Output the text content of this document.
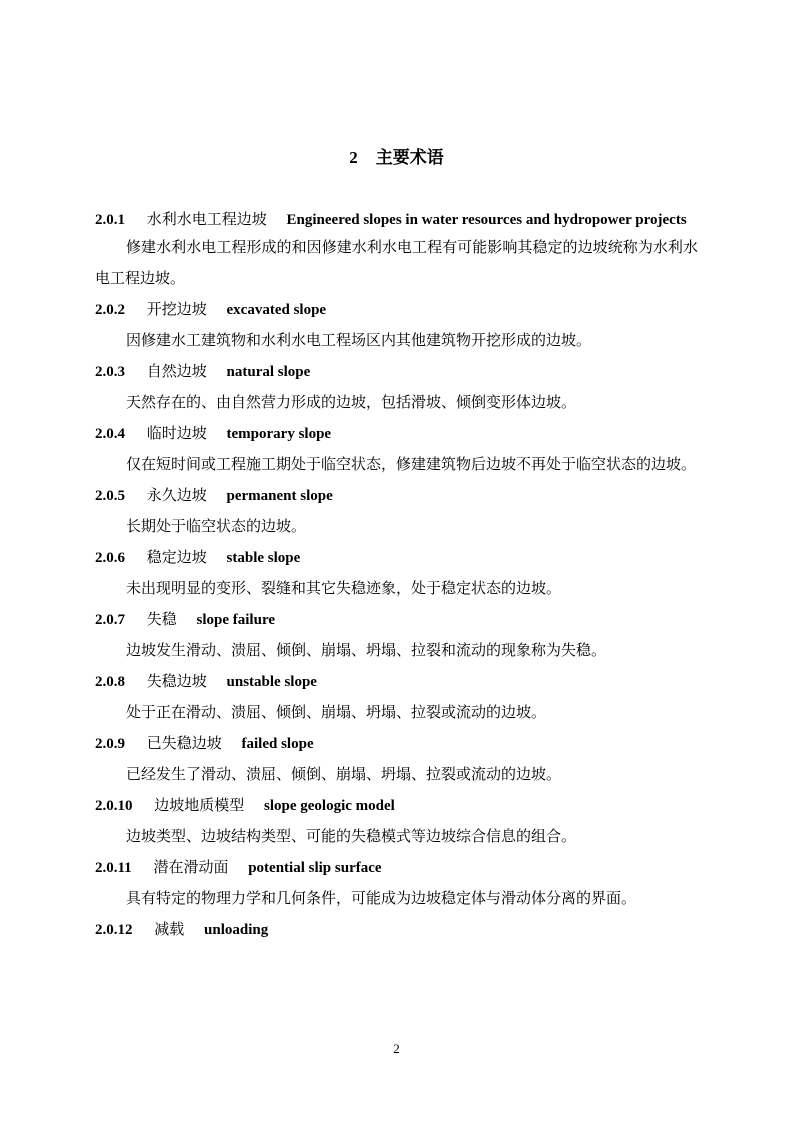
2 主要术语
2.0.1 水利水电工程边坡 Engineered slopes in water resources and hydropower projects
修建水利水电工程形成的和因修建水利水电工程有可能影响其稳定的边坡统称为水利水电工程边坡。
2.0.2 开挖边坡 excavated slope
因修建水工建筑物和水利水电工程场区内其他建筑物开挖形成的边坡。
2.0.3 自然边坡 natural slope
天然存在的、由自然营力形成的边坡，包括滑坡、倾倒变形体边坡。
2.0.4 临时边坡 temporary slope
仅在短时间或工程施工期处于临空状态，修建建筑物后边坡不再处于临空状态的边坡。
2.0.5 永久边坡 permanent slope
长期处于临空状态的边坡。
2.0.6 稳定边坡 stable slope
未出现明显的变形、裂缝和其它失稳迹象，处于稳定状态的边坡。
2.0.7 失稳 slope failure
边坡发生滑动、溃屈、倾倒、崩塌、坍塌、拉裂和流动的现象称为失稳。
2.0.8 失稳边坡 unstable slope
处于正在滑动、溃屈、倾倒、崩塌、坍塌、拉裂或流动的边坡。
2.0.9 已失稳边坡 failed slope
已经发生了滑动、溃屈、倾倒、崩塌、坍塌、拉裂或流动的边坡。
2.0.10 边坡地质模型 slope geologic model
边坡类型、边坡结构类型、可能的失稳模式等边坡综合信息的组合。
2.0.11 潜在滑动面 potential slip surface
具有特定的物理力学和几何条件，可能成为边坡稳定体与滑动体分离的界面。
2.0.12 减载 unloading
2
